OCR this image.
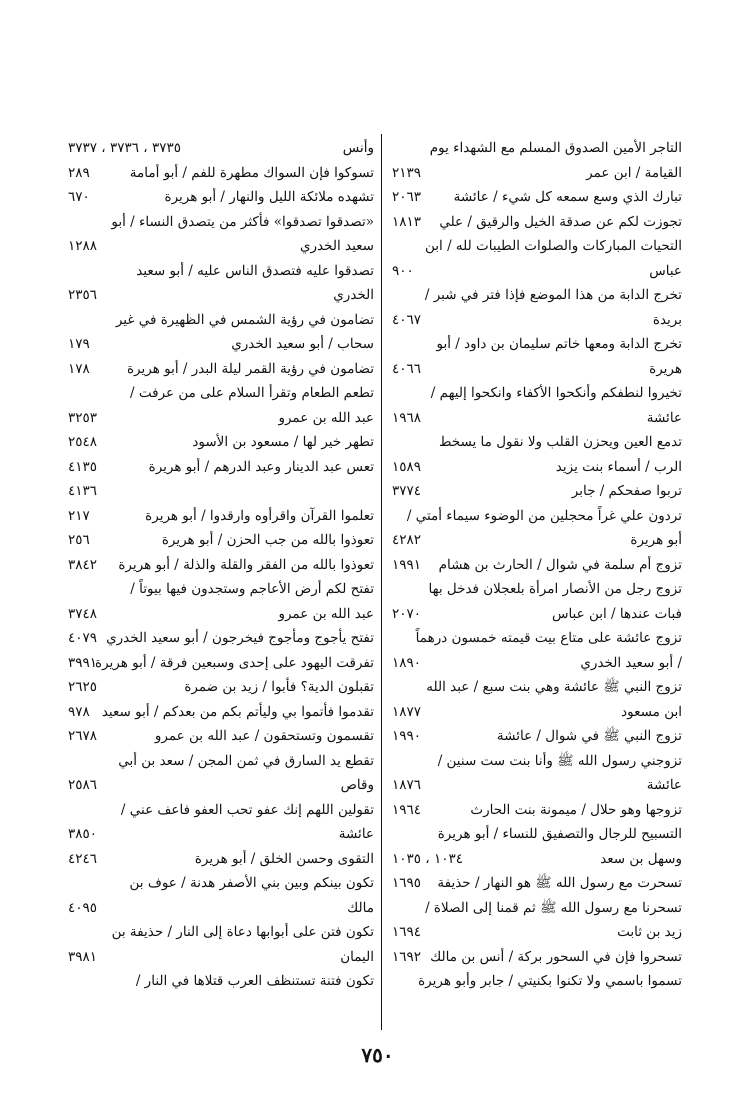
التاجر الأمين الصدوق المسلم مع الشهداء يوم
القيامة / ابن عمر
٢١٣٩
تبارك الذي وسع سمعه كل شيء / عائشة
٢٠٦٣
تجوزت لكم عن صدقة الخيل والرقيق / علي
١٨١٣
التحيات المباركات والصلوات الطيبات لله / ابن
عباس
٩٠٠
تخرج الدابة من هذا الموضع فإذا فتر في شبر /
بريدة
٤٠٦٧
تخرج الدابة ومعها خاتم سليمان بن داود / أبو
هريرة
٤٠٦٦
تخيروا لنطفكم وأنكحوا الأكفاء وانكحوا إليهم /
عائشة
١٩٦٨
تدمع العين ويحزن القلب ولا نقول ما يسخط
الرب / أسماء بنت يزيد
١٥٨٩
تربوا صفحكم / جابر
٣٧٧٤
تردون علي غراً محجلين من الوضوء سيماء أمتي /
أبو هريرة
٤٢٨٢
تزوج أم سلمة في شوال / الحارث بن هشام
١٩٩١
تزوج رجل من الأنصار امرأة بلعجلان فدخل بها
فبات عندها / ابن عباس
٢٠٧٠
تزوج عائشة على متاع بيت قيمته خمسون درهماً
/ أبو سعيد الخدري
١٨٩٠
تزوج النبي ﷺ عائشة وهي بنت سبع / عبد الله
ابن مسعود
١٨٧٧
تزوج النبي ﷺ في شوال / عائشة
١٩٩٠
تزوجني رسول الله ﷺ وأنا بنت ست سنين /
عائشة
١٨٧٦
تزوجها وهو حلال / ميمونة بنت الحارث
١٩٦٤
التسبيح للرجال والتصفيق للنساء / أبو هريرة
وسهل بن سعد
١٠٣٤ ، ١٠٣٥
تسحرت مع رسول الله ﷺ هو النهار / حذيفة
١٦٩٥
تسحرنا مع رسول الله ﷺ ثم قمنا إلى الصلاة /
زيد بن ثابت
١٦٩٤
تسحروا فإن في السحور بركة / أنس بن مالك
١٦٩٢
تسموا باسمي ولا تكنوا بكنيتي / جابر وأبو هريرة
وأنس
٣٧٣٥ ، ٣٧٣٦ ، ٣٧٣٧
تسوكوا فإن السواك مطهرة للفم / أبو أمامة
٢٨٩
تشهده ملائكة الليل والنهار / أبو هريرة
٦٧٠
«تصدقوا تصدقوا» فأكثر من يتصدق النساء / أبو
سعيد الخدري
١٢٨٨
تصدقوا عليه فتصدق الناس عليه / أبو سعيد
الخدري
٢٣٥٦
تضامون في رؤية الشمس في الظهيرة في غير
سحاب / أبو سعيد الخدري
١٧٩
تضامون في رؤية القمر ليلة البدر / أبو هريرة
١٧٨
تطعم الطعام وتقرأ السلام على من عرفت /
عبد الله بن عمرو
٣٢٥٣
تطهر خير لها / مسعود بن الأسود
٢٥٤٨
تعس عبد الدينار وعبد الدرهم / أبو هريرة
٤١٣٥
٤١٣٦
تعلموا القرآن واقرأوه وارقدوا / أبو هريرة
٢١٧
تعوذوا بالله من جب الحزن / أبو هريرة
٢٥٦
تعوذوا بالله من الفقر والقلة والذلة / أبو هريرة
٣٨٤٢
تفتح لكم أرض الأعاجم وستجدون فيها بيوتاً /
عبد الله بن عمرو
٣٧٤٨
تفتح يأجوج ومأجوج فيخرجون / أبو سعيد الخدري
٤٠٧٩
تفرقت اليهود على إحدى وسبعين فرقة / أبو هريرة
٣٩٩١
تقبلون الدية؟ فأبوا / زيد بن ضمرة
٢٦٢٥
تقدموا فأتموا بي وليأتم بكم من بعدكم / أبو سعيد
٩٧٨
تقسمون وتستحقون / عبد الله بن عمرو
٢٦٧٨
تقطع يد السارق في ثمن المجن / سعد بن أبي
وقاص
٢٥٨٦
تقولين اللهم إنك عفو تحب العفو فاعف عني /
عائشة
٣٨٥٠
التقوى وحسن الخلق / أبو هريرة
٤٢٤٦
تكون بينكم وبين بني الأصفر هدنة / عوف بن
مالك
٤٠٩٥
تكون فتن على أبوابها دعاة إلى النار / حذيفة بن
اليمان
٣٩٨١
تكون فتنة تستنظف العرب قتلاها في النار /
٧٥٠
